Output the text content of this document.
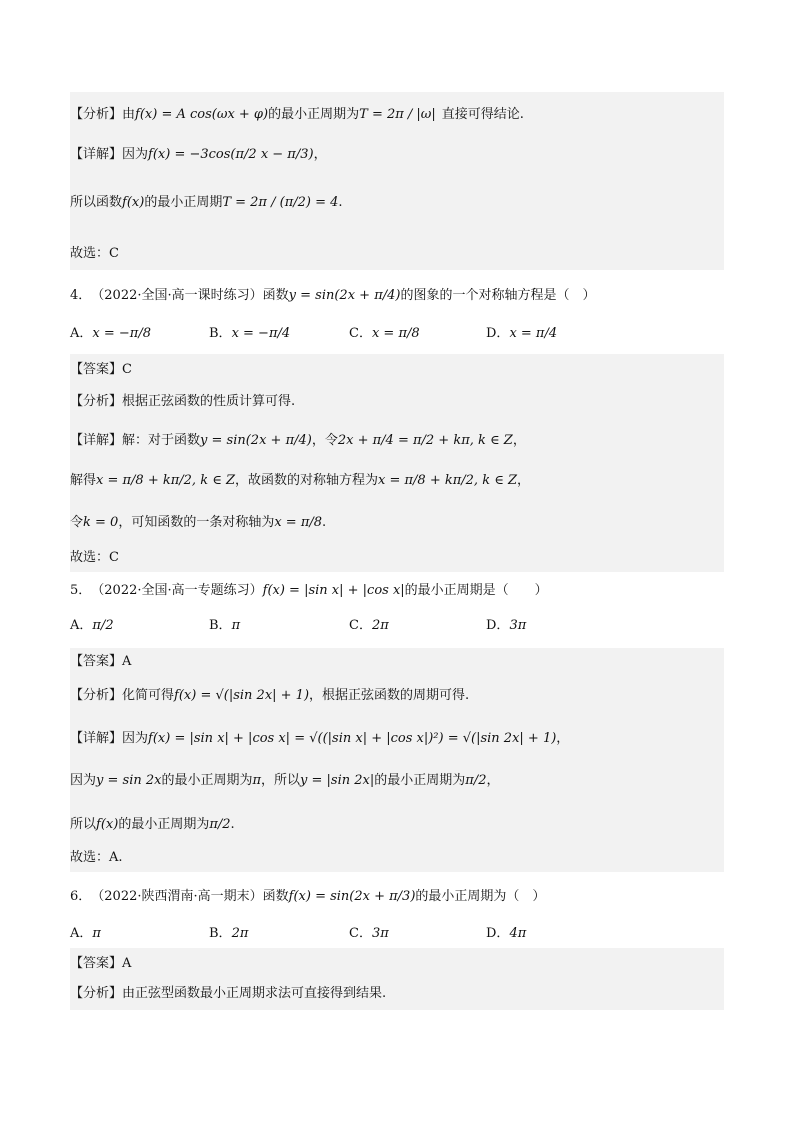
【分析】 由 f(x) = A cos(ωx + φ) 的最小正周期为 T = 2π / |ω| 直接可得结论.
【详解】 因为 f(x) = −3cos(π/2 x − π/3) ，
所以函数 f(x) 的最小正周期 T = 2π / (π/2) = 4 .
故选：C
4． （2022·全国·高一课时练习） 函数 y = sin(2x + π/4) 的图象的一个对称轴方程是（　）
A．x = −π/8	B．x = −π/4	C．x = π/8	D．x = π/4
【答案】C
【分析】根据正弦函数的性质计算可得.
【详解】 解：对于函数 y = sin(2x + π/4) ，令 2x + π/4 = π/2 + kπ, k ∈ Z ，
解得 x = π/8 + kπ/2, k ∈ Z ，故函数的对称轴方程为 x = π/8 + kπ/2, k ∈ Z ，
令 k = 0 ，可知函数的一条对称轴为 x = π/8 .
故选：C
5． （2022·全国·高一专题练习） f(x) = |sin x| + |cos x| 的最小正周期是（　　）
A．π/2	B．π	C．2π	D．3π
【答案】A
【分析】 化简可得 f(x) = √(|sin 2x| + 1) ，根据正弦函数的周期可得.
【详解】 因为 f(x) = |sin x| + |cos x| = √((|sin x| + |cos x|)²) = √(|sin 2x| + 1) ，
因为 y = sin 2x 的最小正周期为 π ，所以 y = |sin 2x| 的最小正周期为 π/2 ，
所以 f(x) 的最小正周期为 π/2 .
故选：A.
6． （2022·陕西渭南·高一期末） 函数 f(x) = sin(2x + π/3) 的最小正周期为（　）
A．π	B．2π	C．3π	D．4π
【答案】A
【分析】由正弦型函数最小正周期求法可直接得到结果.
